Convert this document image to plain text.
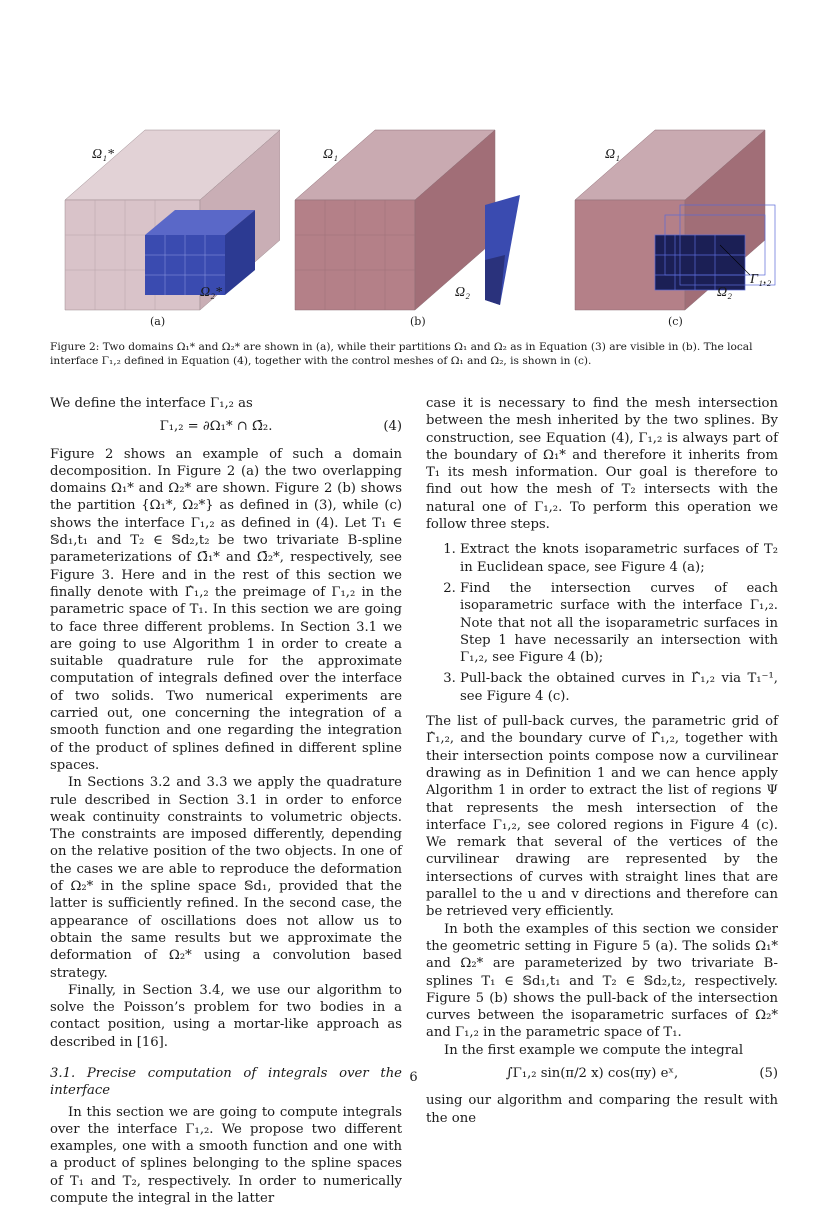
Ω₁*
Ω₂*
(a)
Ω₁
Ω₂
(b)
Ω₁
Ω₂
Γ₁,₂
(c)
Figure 2: Two domains Ω₁* and Ω₂* are shown in (a), while their partitions Ω₁ and Ω₂ as in Equation (3) are visible in (b). The local interface Γ₁,₂ defined in Equation (4), together with the control meshes of Ω₁ and Ω₂, is shown in (c).

We define the interface Γ₁,₂ as

Γ₁,₂ = ∂Ω₁* ∩ Ω̄₂.	(4)

Figure 2 shows an example of such a domain decomposition. In Figure 2 (a) the two overlapping domains Ω₁* and Ω₂* are shown. Figure 2 (b) shows the partition {Ω₁*, Ω₂*} as defined in (3), while (c) shows the interface Γ₁,₂ as defined in (4). Let T₁ ∈ 𝕊d₁,t₁ and T₂ ∈ 𝕊d₂,t₂ be two trivariate B-spline parameterizations of Ω̄₁* and Ω̄₂*, respectively, see Figure 3. Here and in the rest of this section we finally denote with Γ̂₁,₂ the preimage of Γ₁,₂ in the parametric space of T₁. In this section we are going to face three different problems. In Section 3.1 we are going to use Algorithm 1 in order to create a suitable quadrature rule for the approximate computation of integrals defined over the interface of two solids. Two numerical experiments are carried out, one concerning the integration of a smooth function and one regarding the integration of the product of splines defined in different spline spaces.

In Sections 3.2 and 3.3 we apply the quadrature rule described in Section 3.1 in order to enforce weak continuity constraints to volumetric objects. The constraints are imposed differently, depending on the relative position of the two objects. In one of the cases we are able to reproduce the deformation of Ω₂* in the spline space 𝕊d₁, provided that the latter is sufficiently refined. In the second case, the appearance of oscillations does not allow us to obtain the same results but we approximate the deformation of Ω₂* using a convolution based strategy.

Finally, in Section 3.4, we use our algorithm to solve the Poisson’s problem for two bodies in a contact position, using a mortar-like approach as described in [16].

3.1. Precise computation of integrals over the interface

In this section we are going to compute integrals over the interface Γ₁,₂. We propose two different examples, one with a smooth function and one with a product of splines belonging to the spline spaces of T₁ and T₂, respectively. In order to numerically compute the integral in the latter

case it is necessary to find the mesh intersection between the mesh inherited by the two splines. By construction, see Equation (4), Γ₁,₂ is always part of the boundary of Ω₁* and therefore it inherits from T₁ its mesh information. Our goal is therefore to find out how the mesh of T₂ intersects with the natural one of Γ₁,₂. To perform this operation we follow three steps.

1. Extract the knots isoparametric surfaces of T₂ in Euclidean space, see Figure 4 (a);
2. Find the intersection curves of each isoparametric surface with the interface Γ₁,₂. Note that not all the isoparametric surfaces in Step 1 have necessarily an intersection with Γ₁,₂, see Figure 4 (b);
3. Pull-back the obtained curves in Γ̂₁,₂ via T₁⁻¹, see Figure 4 (c).

The list of pull-back curves, the parametric grid of Γ̂₁,₂, and the boundary curve of Γ̂₁,₂, together with their intersection points compose now a curvilinear drawing as in Definition 1 and we can hence apply Algorithm 1 in order to extract the list of regions Ψ that represents the mesh intersection of the interface Γ₁,₂, see colored regions in Figure 4 (c). We remark that several of the vertices of the curvilinear drawing are represented by the intersections of curves with straight lines that are parallel to the u and v directions and therefore can be retrieved very efficiently.

In both the examples of this section we consider the geometric setting in Figure 5 (a). The solids Ω₁* and Ω₂* are parameterized by two trivariate B-splines T₁ ∈ 𝕊d₁,t₁ and T₂ ∈ 𝕊d₂,t₂, respectively. Figure 5 (b) shows the pull-back of the intersection curves between the isoparametric surfaces of Ω₂* and Γ₁,₂ in the parametric space of T₁.

In the first example we compute the integral

∫Γ₁,₂ sin(π/2 x) cos(πy) eˣ,	(5)

using our algorithm and comparing the result with the one

6
